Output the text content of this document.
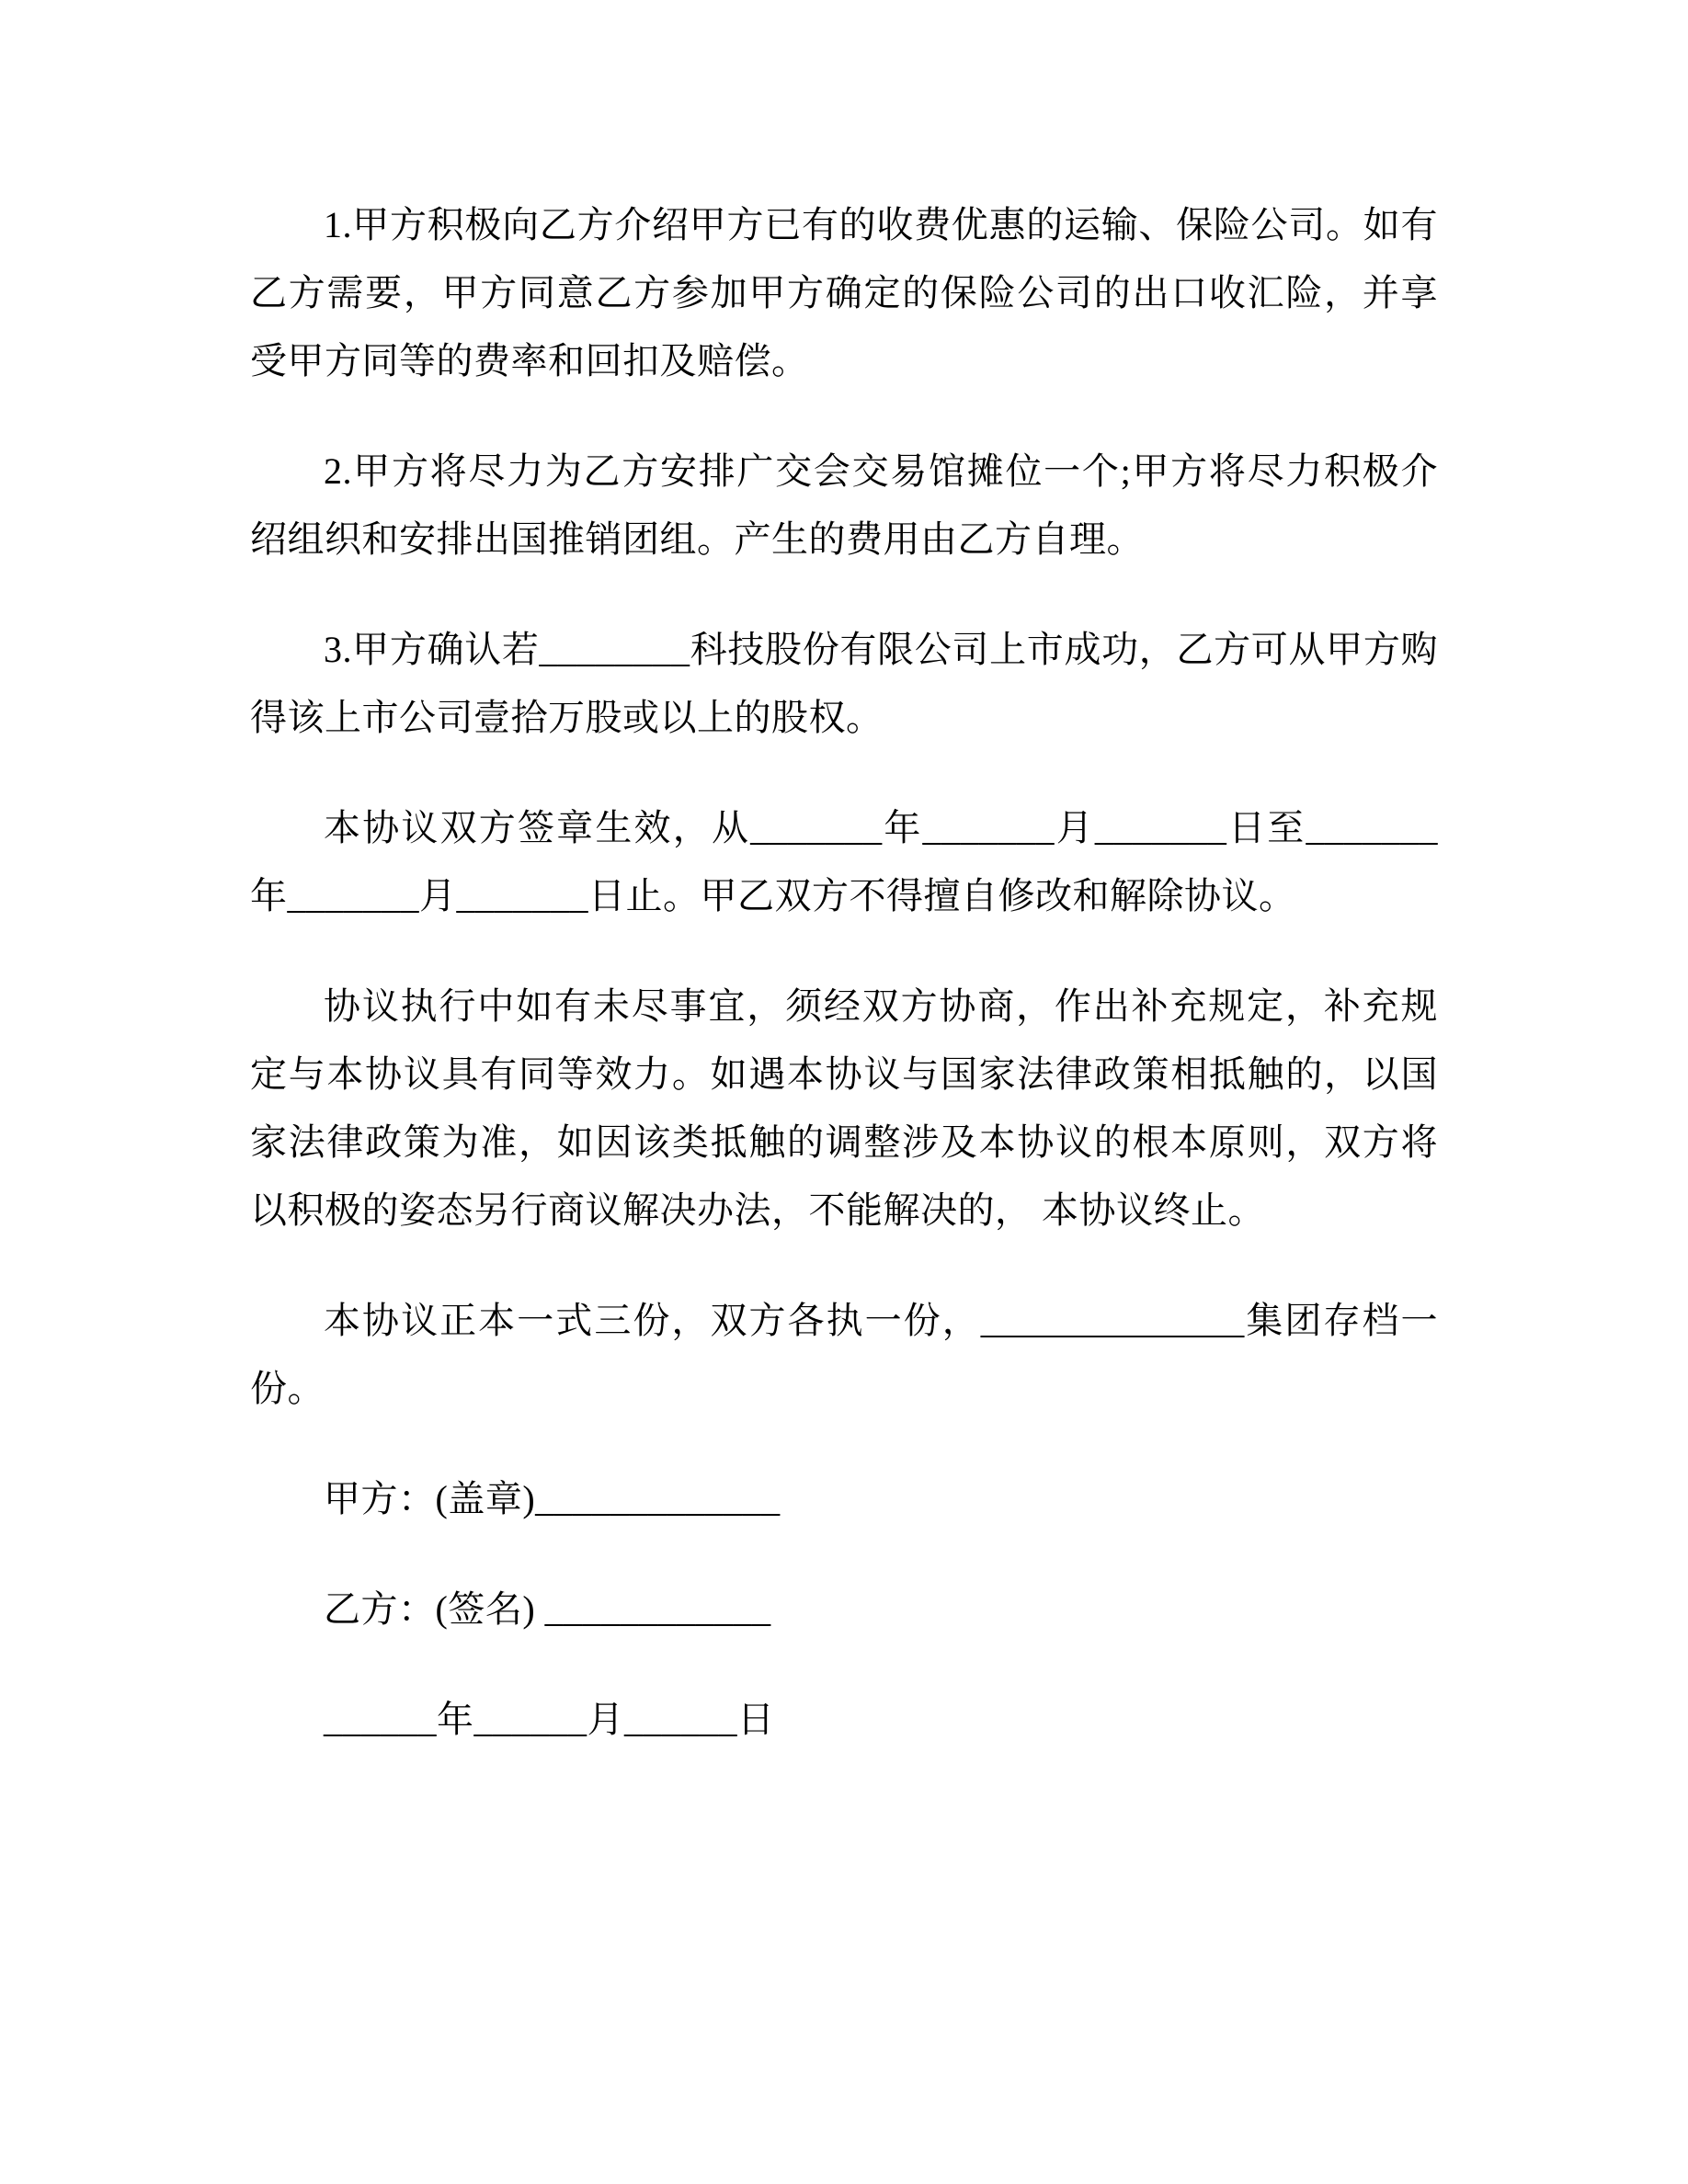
1.甲方积极向乙方介绍甲方已有的收费优惠的运输、保险公司。如有乙方需要，甲方同意乙方参加甲方确定的保险公司的出口收汇险，并享受甲方同等的费率和回扣及赔偿。

2.甲方将尽力为乙方安排广交会交易馆摊位一个;甲方将尽力积极介绍组织和安排出国推销团组。产生的费用由乙方自理。

3.甲方确认若________科技股份有限公司上市成功，乙方可从甲方购得该上市公司壹拾万股或以上的股权。

本协议双方签章生效，从_______年_______月_______日至_______ 年_______月_______日止。甲乙双方不得擅自修改和解除协议。

协议执行中如有未尽事宜，须经双方协商，作出补充规定，补充规定与本协议具有同等效力。如遇本协议与国家法律政策相抵触的，以国家法律政策为准，如因该类抵触的调整涉及本协议的根本原则，双方将以积极的姿态另行商议解决办法，不能解决的， 本协议终止。

本协议正本一式三份，双方各执一份，______________集团存档一份。

甲方：(盖章)_____________

乙方：(签名) ____________

______年______月______日
